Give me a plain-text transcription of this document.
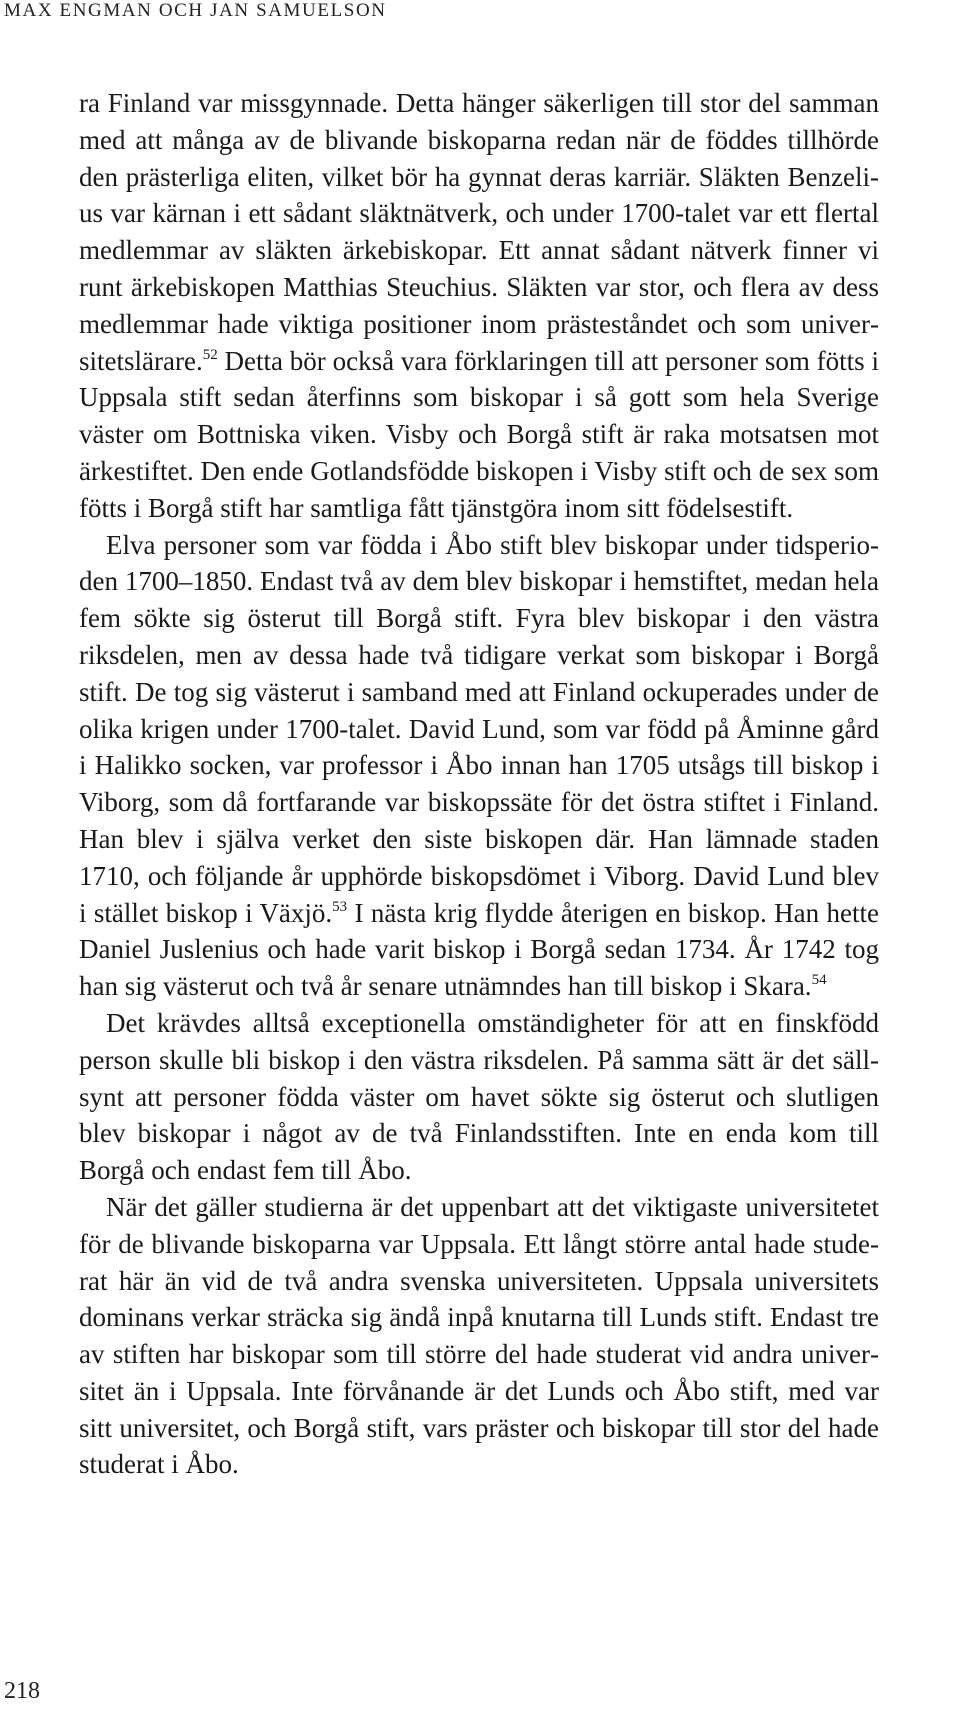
MAX ENGMAN OCH JAN SAMUELSON

ra Finland var missgynnade. Detta hänger säkerligen till stor del samman med att många av de blivande biskoparna redan när de föddes tillhörde den prästerliga eliten, vilket bör ha gynnat deras karriär. Släkten Benzelius var kärnan i ett sådant släktnätverk, och under 1700-talet var ett flertal medlemmar av släkten ärkebiskopar. Ett annat sådant nätverk finner vi runt ärkebiskopen Matthias Steuchius. Släkten var stor, och flera av dess medlemmar hade viktiga positioner inom prästeståndet och som universitetslärare.$^{52}$ Detta bör också vara förklaringen till att personer som fötts i Uppsala stift sedan återfinns som biskopar i så gott som hela Sverige väster om Bottniska viken. Visby och Borgå stift är raka motsatsen mot ärkestiftet. Den ende Gotlandsfödde biskopen i Visby stift och de sex som fötts i Borgå stift har samtliga fått tjänstgöra inom sitt födelsestift.

Elva personer som var födda i Åbo stift blev biskopar under tidsperioden 1700–1850. Endast två av dem blev biskopar i hemstiftet, medan hela fem sökte sig österut till Borgå stift. Fyra blev biskopar i den västra riksdelen, men av dessa hade två tidigare verkat som biskopar i Borgå stift. De tog sig västerut i samband med att Finland ockuperades under de olika krigen under 1700-talet. David Lund, som var född på Åminne gård i Halikko socken, var professor i Åbo innan han 1705 utsågs till biskop i Viborg, som då fortfarande var biskopssäte för det östra stiftet i Finland. Han blev i själva verket den siste biskopen där. Han lämnade staden 1710, och följande år upphörde biskopsdömet i Viborg. David Lund blev i stället biskop i Växjö.$^{53}$ I nästa krig flydde återigen en biskop. Han hette Daniel Juslenius och hade varit biskop i Borgå sedan 1734. År 1742 tog han sig västerut och två år senare utnämndes han till biskop i Skara.$^{54}$

Det krävdes alltså exceptionella omständigheter för att en finskfödd person skulle bli biskop i den västra riksdelen. På samma sätt är det sällsynt att personer födda väster om havet sökte sig österut och slutligen blev biskopar i något av de två Finlandsstiften. Inte en enda kom till Borgå och endast fem till Åbo.

När det gäller studierna är det uppenbart att det viktigaste universitetet för de blivande biskoparna var Uppsala. Ett långt större antal hade studerat här än vid de två andra svenska universiteten. Uppsala universitets dominans verkar sträcka sig ändå inpå knutarna till Lunds stift. Endast tre av stiften har biskopar som till större del hade studerat vid andra universitet än i Uppsala. Inte förvånande är det Lunds och Åbo stift, med var sitt universitet, och Borgå stift, vars präster och biskopar till stor del hade studerat i Åbo.

218
